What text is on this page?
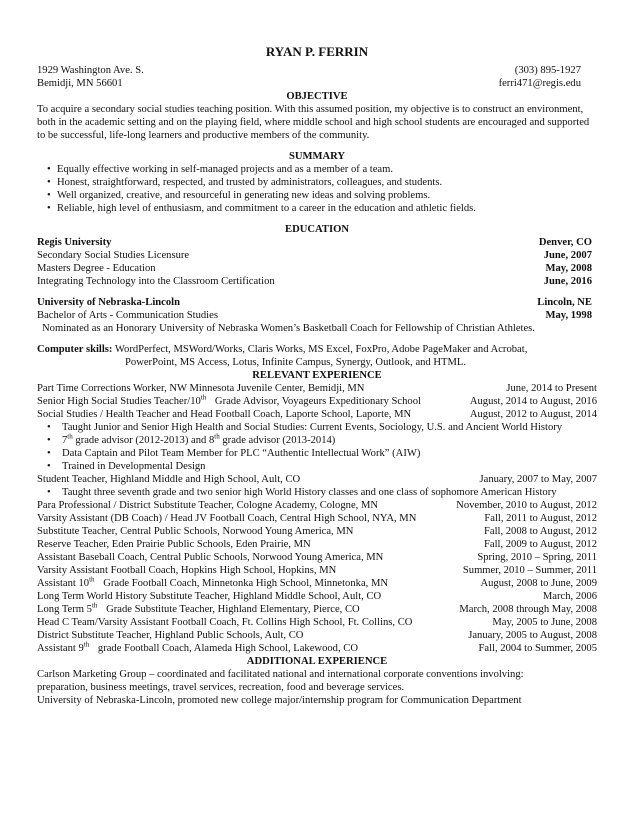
RYAN P. FERRIN
1929 Washington Ave. S.	(303) 895-1927
Bemidji, MN 56601	ferri471@regis.edu
OBJECTIVE
To acquire a secondary social studies teaching position. With this assumed position, my objective is to construct an environment, both in the academic setting and on the playing field, where middle school and high school students are encouraged and supported to be successful, life-long learners and productive members of the community.
SUMMARY
• Equally effective working in self-managed projects and as a member of a team.
• Honest, straightforward, respected, and trusted by administrators, colleagues, and students.
• Well organized, creative, and resourceful in generating new ideas and solving problems.
• Reliable, high level of enthusiasm, and commitment to a career in the education and athletic fields.
EDUCATION
Regis University	Denver, CO
Secondary Social Studies Licensure	June, 2007
Masters Degree - Education	May, 2008
Integrating Technology into the Classroom Certification	June, 2016
University of Nebraska-Lincoln	Lincoln, NE
Bachelor of Arts - Communication Studies	May, 1998
Nominated as an Honorary University of Nebraska Women’s Basketball Coach for Fellowship of Christian Athletes.
Computer skills: WordPerfect, MSWord/Works, Claris Works, MS Excel, FoxPro, Adobe PageMaker and Acrobat,
PowerPoint, MS Access, Lotus, Infinite Campus, Synergy, Outlook, and HTML.
RELEVANT EXPERIENCE
Part Time Corrections Worker, NW Minnesota Juvenile Center, Bemidji, MN	June, 2014 to Present
Senior High Social Studies Teacher/10th Grade Advisor, Voyageurs Expeditionary School	August, 2014 to August, 2016
Social Studies / Health Teacher and Head Football Coach, Laporte School, Laporte, MN	August, 2012 to August, 2014
• Taught Junior and Senior High Health and Social Studies: Current Events, Sociology, U.S. and Ancient World History
• 7th grade advisor (2012-2013) and 8th grade advisor (2013-2014)
• Data Captain and Pilot Team Member for PLC “Authentic Intellectual Work” (AIW)
• Trained in Developmental Design
Student Teacher, Highland Middle and High School, Ault, CO	January, 2007 to May, 2007
• Taught three seventh grade and two senior high World History classes and one class of sophomore American History
Para Professional / District Substitute Teacher, Cologne Academy, Cologne, MN	November, 2010 to August, 2012
Varsity Assistant (DB Coach) / Head JV Football Coach, Central High School, NYA, MN	Fall, 2011 to August, 2012
Substitute Teacher, Central Public Schools, Norwood Young America, MN	Fall, 2008 to August, 2012
Reserve Teacher, Eden Prairie Public Schools, Eden Prairie, MN	Fall, 2009 to August, 2012
Assistant Baseball Coach, Central Public Schools, Norwood Young America, MN	Spring, 2010 – Spring, 2011
Varsity Assistant Football Coach, Hopkins High School, Hopkins, MN	Summer, 2010 – Summer, 2011
Assistant 10th Grade Football Coach, Minnetonka High School, Minnetonka, MN	August, 2008 to June, 2009
Long Term World History Substitute Teacher, Highland Middle School, Ault, CO	March, 2006
Long Term 5th Grade Substitute Teacher, Highland Elementary, Pierce, CO	March, 2008 through May, 2008
Head C Team/Varsity Assistant Football Coach, Ft. Collins High School, Ft. Collins, CO	May, 2005 to June, 2008
District Substitute Teacher, Highland Public Schools, Ault, CO	January, 2005 to August, 2008
Assistant 9th grade Football Coach, Alameda High School, Lakewood, CO	Fall, 2004 to Summer, 2005
ADDITIONAL EXPERIENCE
Carlson Marketing Group – coordinated and facilitated national and international corporate conventions involving:
preparation, business meetings, travel services, recreation, food and beverage services.
University of Nebraska-Lincoln, promoted new college major/internship program for Communication Department
